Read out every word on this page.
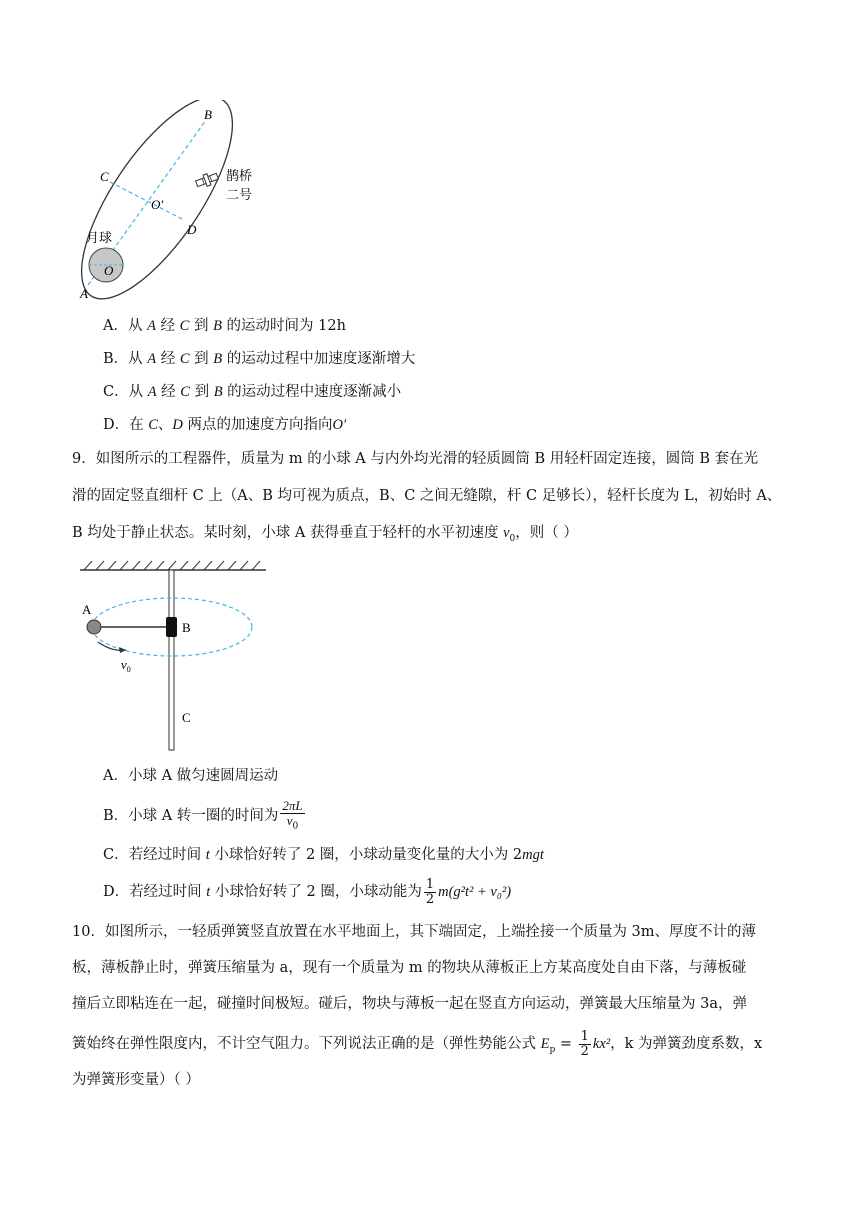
B
C
O′
D
月球
O
A
鹊桥
二号
A．从 A 经 C 到 B 的运动时间为 12h
B．从 A 经 C 到 B 的运动过程中加速度逐渐增大
C．从 A 经 C 到 B 的运动过程中速度逐渐减小
D．在 C、D 两点的加速度方向指向O′
9．如图所示的工程器件，质量为 m 的小球 A 与内外均光滑的轻质圆筒 B 用轻杆固定连接，圆筒 B 套在光
滑的固定竖直细杆 C 上（A、B 均可视为质点，B、C 之间无缝隙，杆 C 足够长），轻杆长度为 L，初始时 A、
B 均处于静止状态。某时刻，小球 A 获得垂直于轻杆的水平初速度 $v_0$，则（ ）
A
B
C
$v_0$
A．小球 A 做匀速圆周运动
B．小球 A 转一圈的时间为 $\frac{2\pi L}{v_0}$
C．若经过时间 t 小球恰好转了 2 圈，小球动量变化量的大小为 2mgt
D．若经过时间 t 小球恰好转了 2 圈，小球动能为 $\frac{1}{2} m(g^2t^2 + v_0^2)$
10．如图所示，一轻质弹簧竖直放置在水平地面上，其下端固定，上端拴接一个质量为 3m、厚度不计的薄
板，薄板静止时，弹簧压缩量为 a，现有一个质量为 m 的物块从薄板正上方某高度处自由下落，与薄板碰
撞后立即粘连在一起，碰撞时间极短。碰后，物块与薄板一起在竖直方向运动，弹簧最大压缩量为 3a，弹
簧始终在弹性限度内，不计空气阻力。下列说法正确的是（弹性势能公式 $E_p = \frac{1}{2} kx^2$，k 为弹簧劲度系数，x
为弹簧形变量）（ ）
